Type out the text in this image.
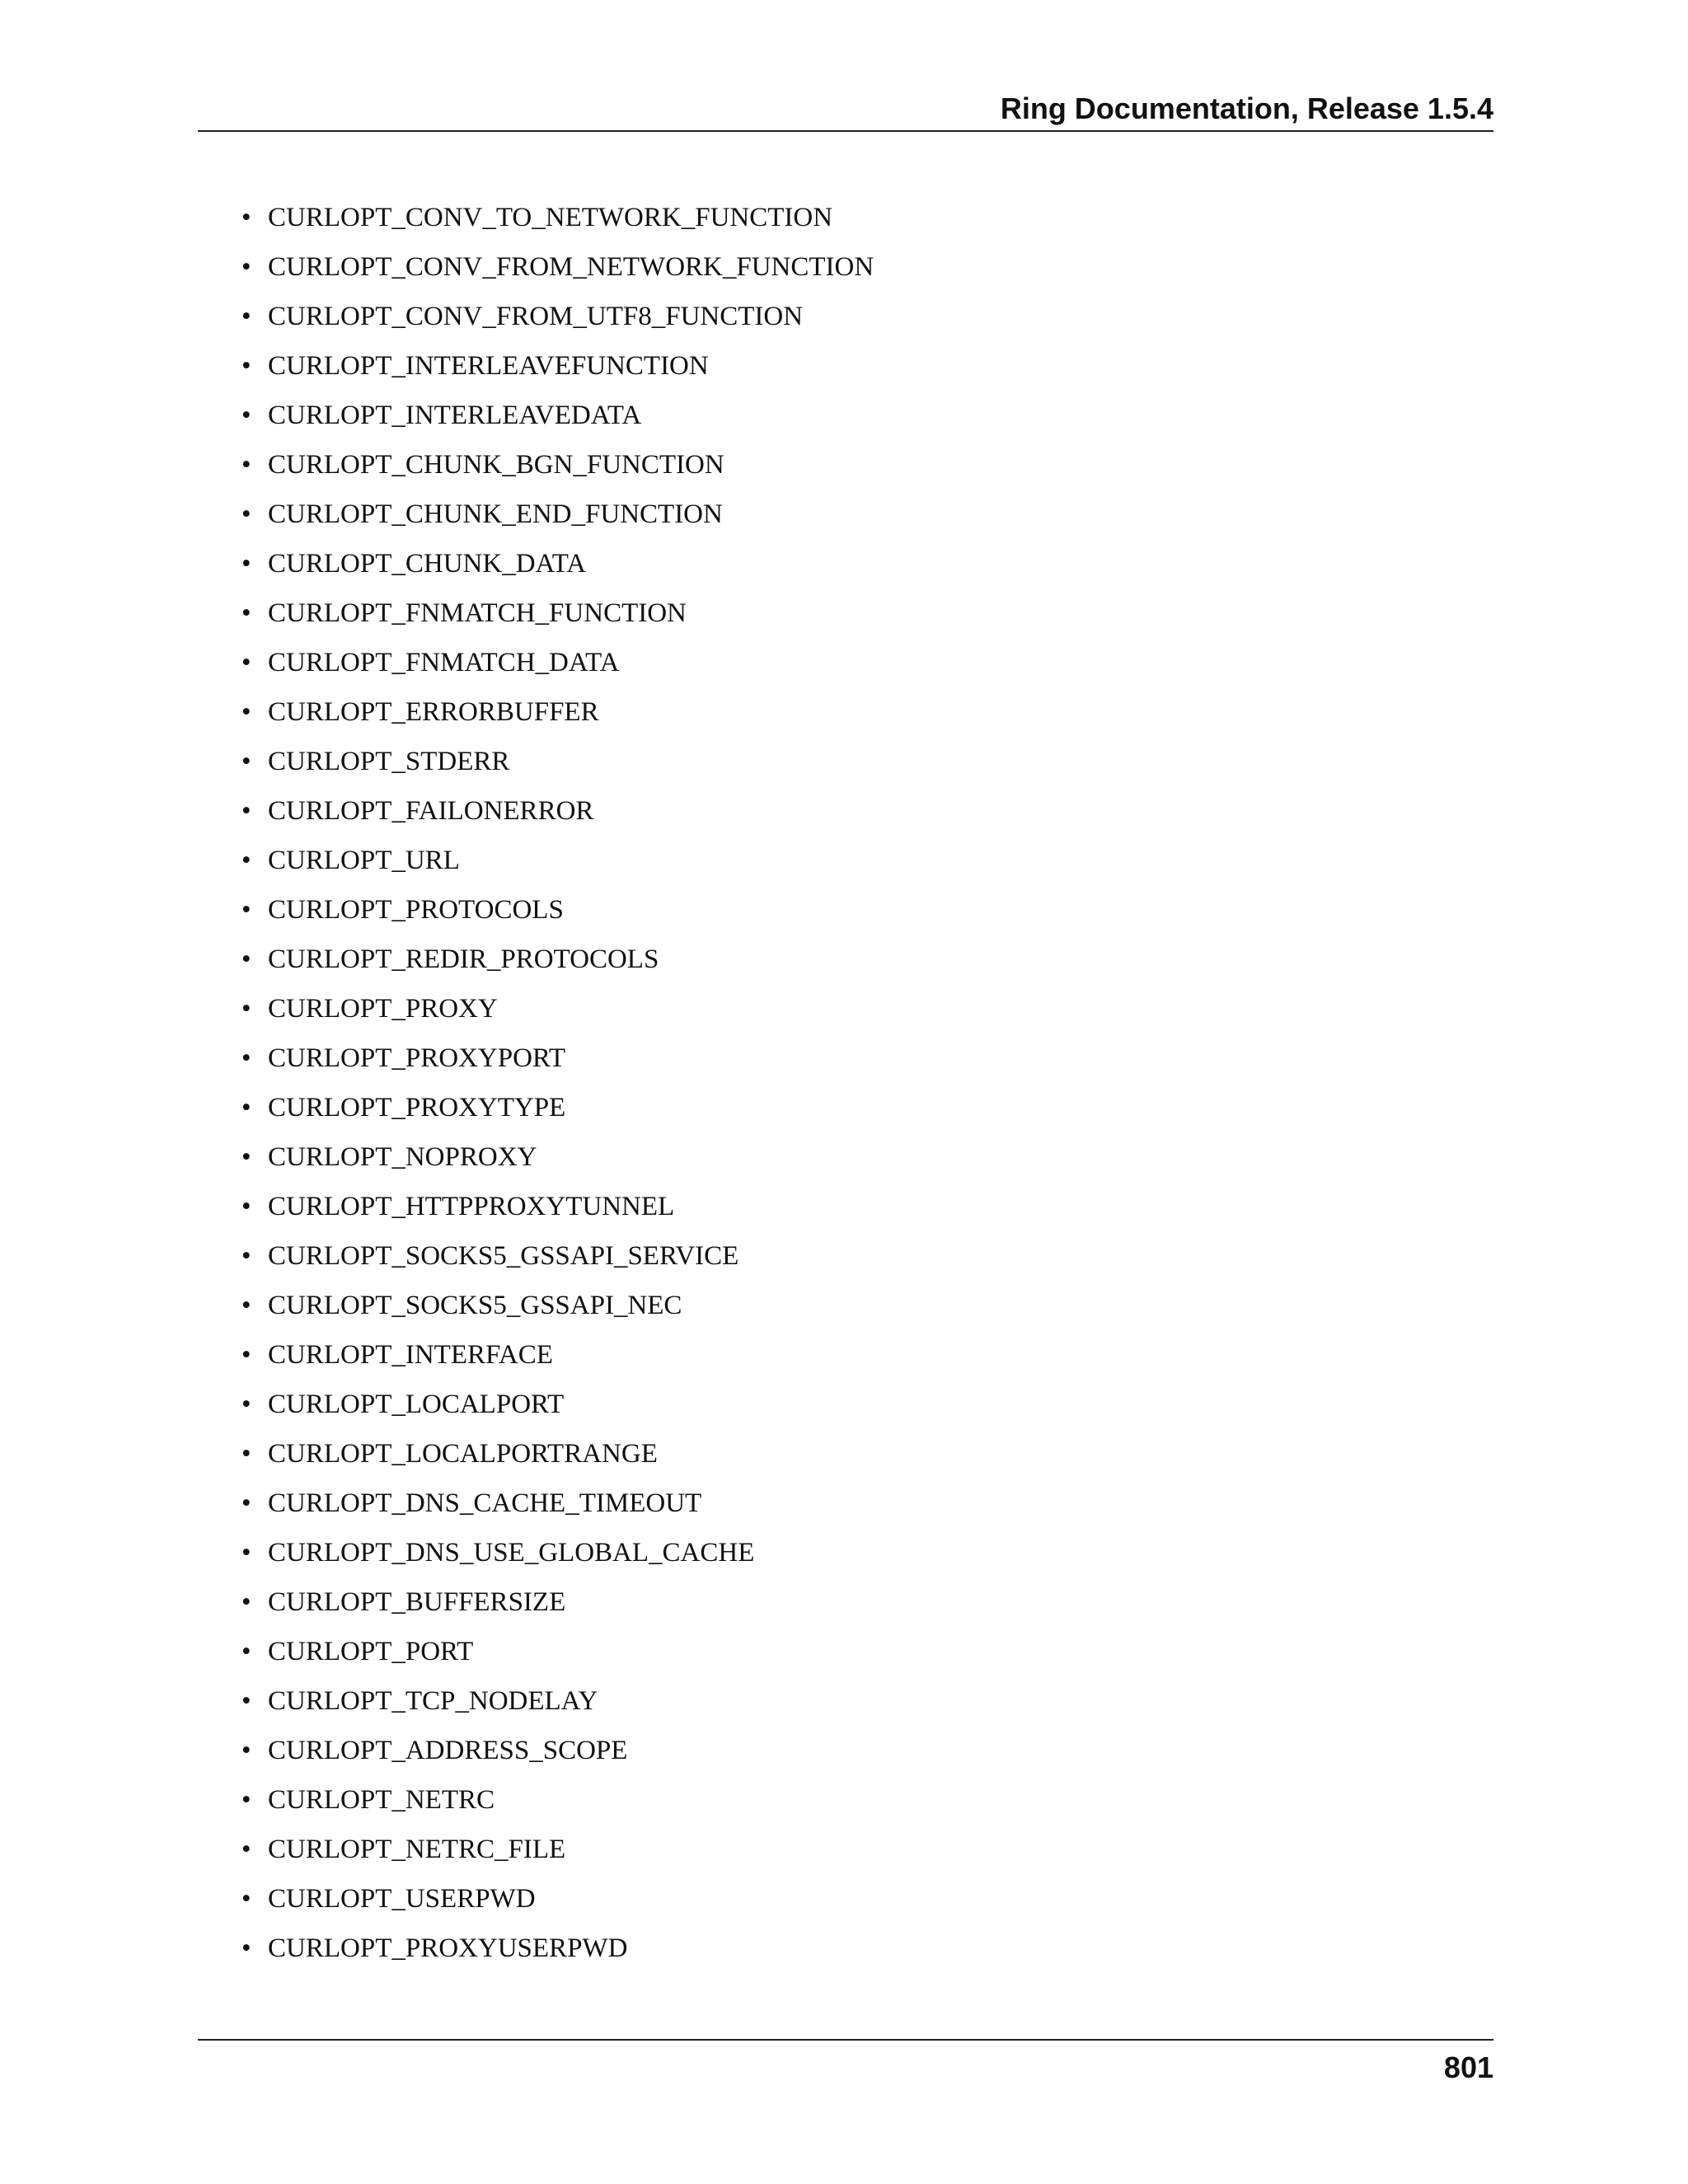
Ring Documentation, Release 1.5.4
• CURLOPT_CONV_TO_NETWORK_FUNCTION
• CURLOPT_CONV_FROM_NETWORK_FUNCTION
• CURLOPT_CONV_FROM_UTF8_FUNCTION
• CURLOPT_INTERLEAVEFUNCTION
• CURLOPT_INTERLEAVEDATA
• CURLOPT_CHUNK_BGN_FUNCTION
• CURLOPT_CHUNK_END_FUNCTION
• CURLOPT_CHUNK_DATA
• CURLOPT_FNMATCH_FUNCTION
• CURLOPT_FNMATCH_DATA
• CURLOPT_ERRORBUFFER
• CURLOPT_STDERR
• CURLOPT_FAILONERROR
• CURLOPT_URL
• CURLOPT_PROTOCOLS
• CURLOPT_REDIR_PROTOCOLS
• CURLOPT_PROXY
• CURLOPT_PROXYPORT
• CURLOPT_PROXYTYPE
• CURLOPT_NOPROXY
• CURLOPT_HTTPPROXYTUNNEL
• CURLOPT_SOCKS5_GSSAPI_SERVICE
• CURLOPT_SOCKS5_GSSAPI_NEC
• CURLOPT_INTERFACE
• CURLOPT_LOCALPORT
• CURLOPT_LOCALPORTRANGE
• CURLOPT_DNS_CACHE_TIMEOUT
• CURLOPT_DNS_USE_GLOBAL_CACHE
• CURLOPT_BUFFERSIZE
• CURLOPT_PORT
• CURLOPT_TCP_NODELAY
• CURLOPT_ADDRESS_SCOPE
• CURLOPT_NETRC
• CURLOPT_NETRC_FILE
• CURLOPT_USERPWD
• CURLOPT_PROXYUSERPWD
801
